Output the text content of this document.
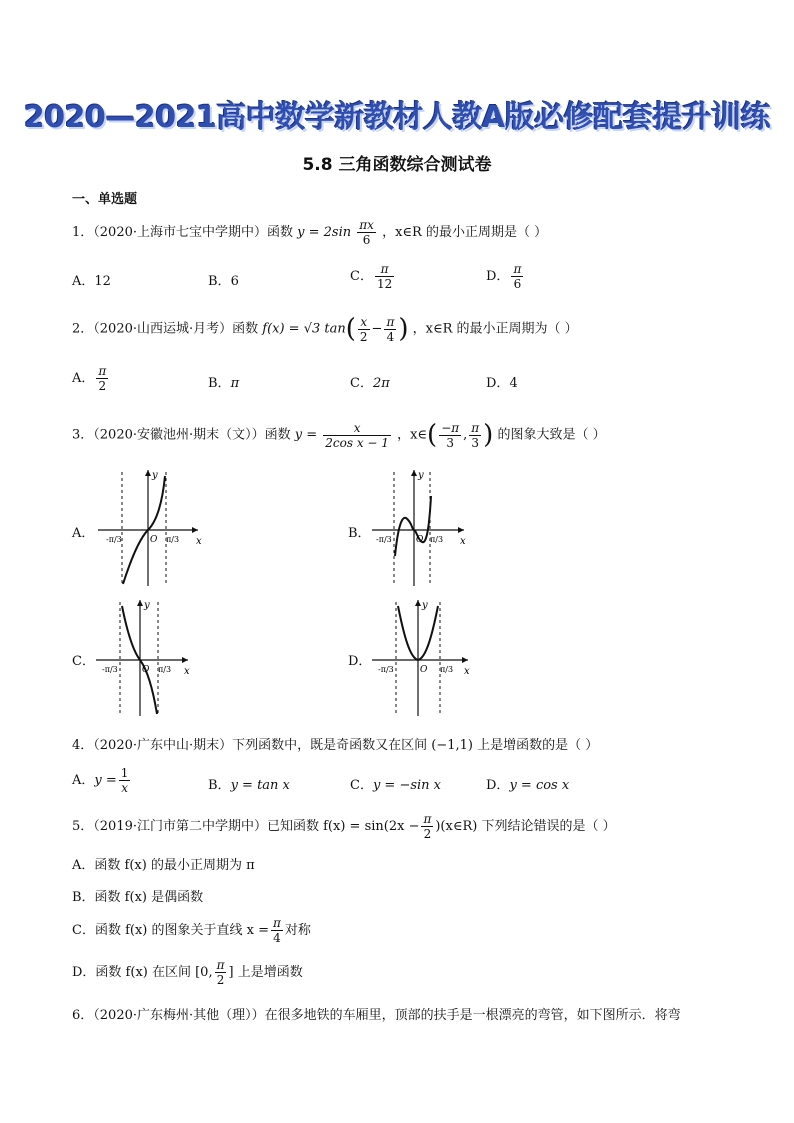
2020—2021高中数学新教材人教A版必修配套提升训练
5.8 三角函数综合测试卷
一、单选题
1．（2020·上海市七宝中学期中）函数 $y = 2\sin \frac{\pi x}{6}$ ，x∈R 的最小正周期是（ ）
A．12	B．6	C． $\frac{\pi}{12}$	D． $\frac{\pi}{6}$
2．（2020·山西运城·月考）函数 f(x) = √3 $\tan( \frac{x}{2} - \frac{\pi}{4}$ ) ，x∈R 的最小正周期为（ ）
A． $\frac{\pi}{2}$	B．π	C．2π	D．4
3．（2020·安徽池州·期末（文））函数 $y = \frac{x}{\text{2cos x − 1}}$ ，x∈( $\frac{-\pi}{3}$ , $\frac{\pi}{3}$ ) 的图象大致是（ ）
A．
x
y
O
-π/3	π/3	B．
x
y
O
-π/3	π/3
C．
x
y
O
-π/3	π/3
D．
x
y
O
-π/3	π/3
4．（2020·广东中山·期末）下列函数中，既是奇函数又在区间 (−1,1) 上是增函数的是（ ）
A．$y = \frac{1}{x}$	B．y = tan x	C．y = −sin x	D．y = cos x
5．（2019·江门市第二中学期中）已知函数 $f(x) = \sin(2x - \frac{\pi}{2}$ )(x∈R) 下列结论错误的是（ ）
A．函数 f(x) 的最小正周期为 π
B．函数 f(x) 是偶函数
C．函数 f(x) 的图象关于直线 $x = \frac{\pi}{4}$ 对称
D．函数 f(x) 在区间 [0, $\frac{\pi}{2}$ ] 上是增函数
6．（2020·广东梅州·其他（理））在很多地铁的车厢里，顶部的扶手是一根漂亮的弯管，如下图所示．将弯
